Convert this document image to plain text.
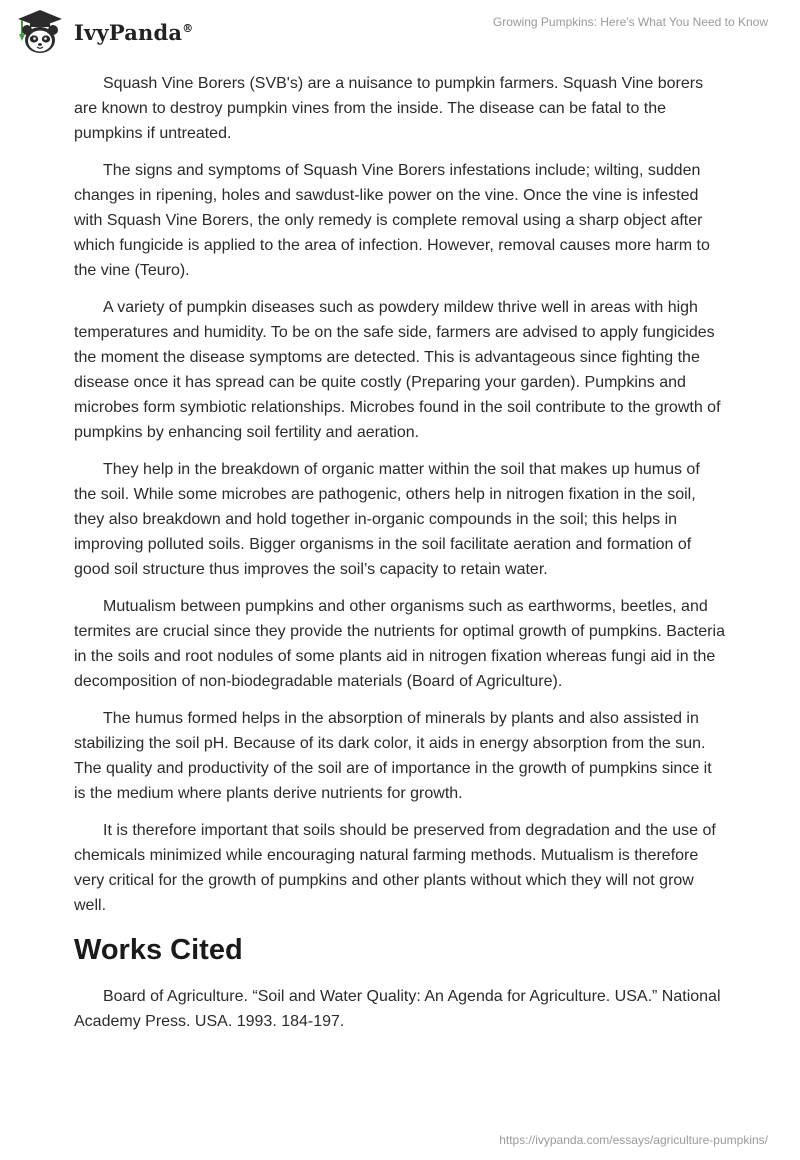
IvyPanda®	Growing Pumpkins: Here's What You Need to Know

Squash Vine Borers (SVB's) are a nuisance to pumpkin farmers. Squash Vine borers are known to destroy pumpkin vines from the inside. The disease can be fatal to the pumpkins if untreated.

The signs and symptoms of Squash Vine Borers infestations include; wilting, sudden changes in ripening, holes and sawdust-like power on the vine. Once the vine is infested with Squash Vine Borers, the only remedy is complete removal using a sharp object after which fungicide is applied to the area of infection. However, removal causes more harm to the vine (Teuro).

A variety of pumpkin diseases such as powdery mildew thrive well in areas with high temperatures and humidity. To be on the safe side, farmers are advised to apply fungicides the moment the disease symptoms are detected. This is advantageous since fighting the disease once it has spread can be quite costly (Preparing your garden). Pumpkins and microbes form symbiotic relationships. Microbes found in the soil contribute to the growth of pumpkins by enhancing soil fertility and aeration.

They help in the breakdown of organic matter within the soil that makes up humus of the soil. While some microbes are pathogenic, others help in nitrogen fixation in the soil, they also breakdown and hold together in-organic compounds in the soil; this helps in improving polluted soils. Bigger organisms in the soil facilitate aeration and formation of good soil structure thus improves the soil’s capacity to retain water.

Mutualism between pumpkins and other organisms such as earthworms, beetles, and termites are crucial since they provide the nutrients for optimal growth of pumpkins. Bacteria in the soils and root nodules of some plants aid in nitrogen fixation whereas fungi aid in the decomposition of non-biodegradable materials (Board of Agriculture).

The humus formed helps in the absorption of minerals by plants and also assisted in stabilizing the soil pH. Because of its dark color, it aids in energy absorption from the sun. The quality and productivity of the soil are of importance in the growth of pumpkins since it is the medium where plants derive nutrients for growth.

It is therefore important that soils should be preserved from degradation and the use of chemicals minimized while encouraging natural farming methods. Mutualism is therefore very critical for the growth of pumpkins and other plants without which they will not grow well.

Works Cited

Board of Agriculture. “Soil and Water Quality: An Agenda for Agriculture. USA.” National Academy Press. USA. 1993. 184-197.

https://ivypanda.com/essays/agriculture-pumpkins/
